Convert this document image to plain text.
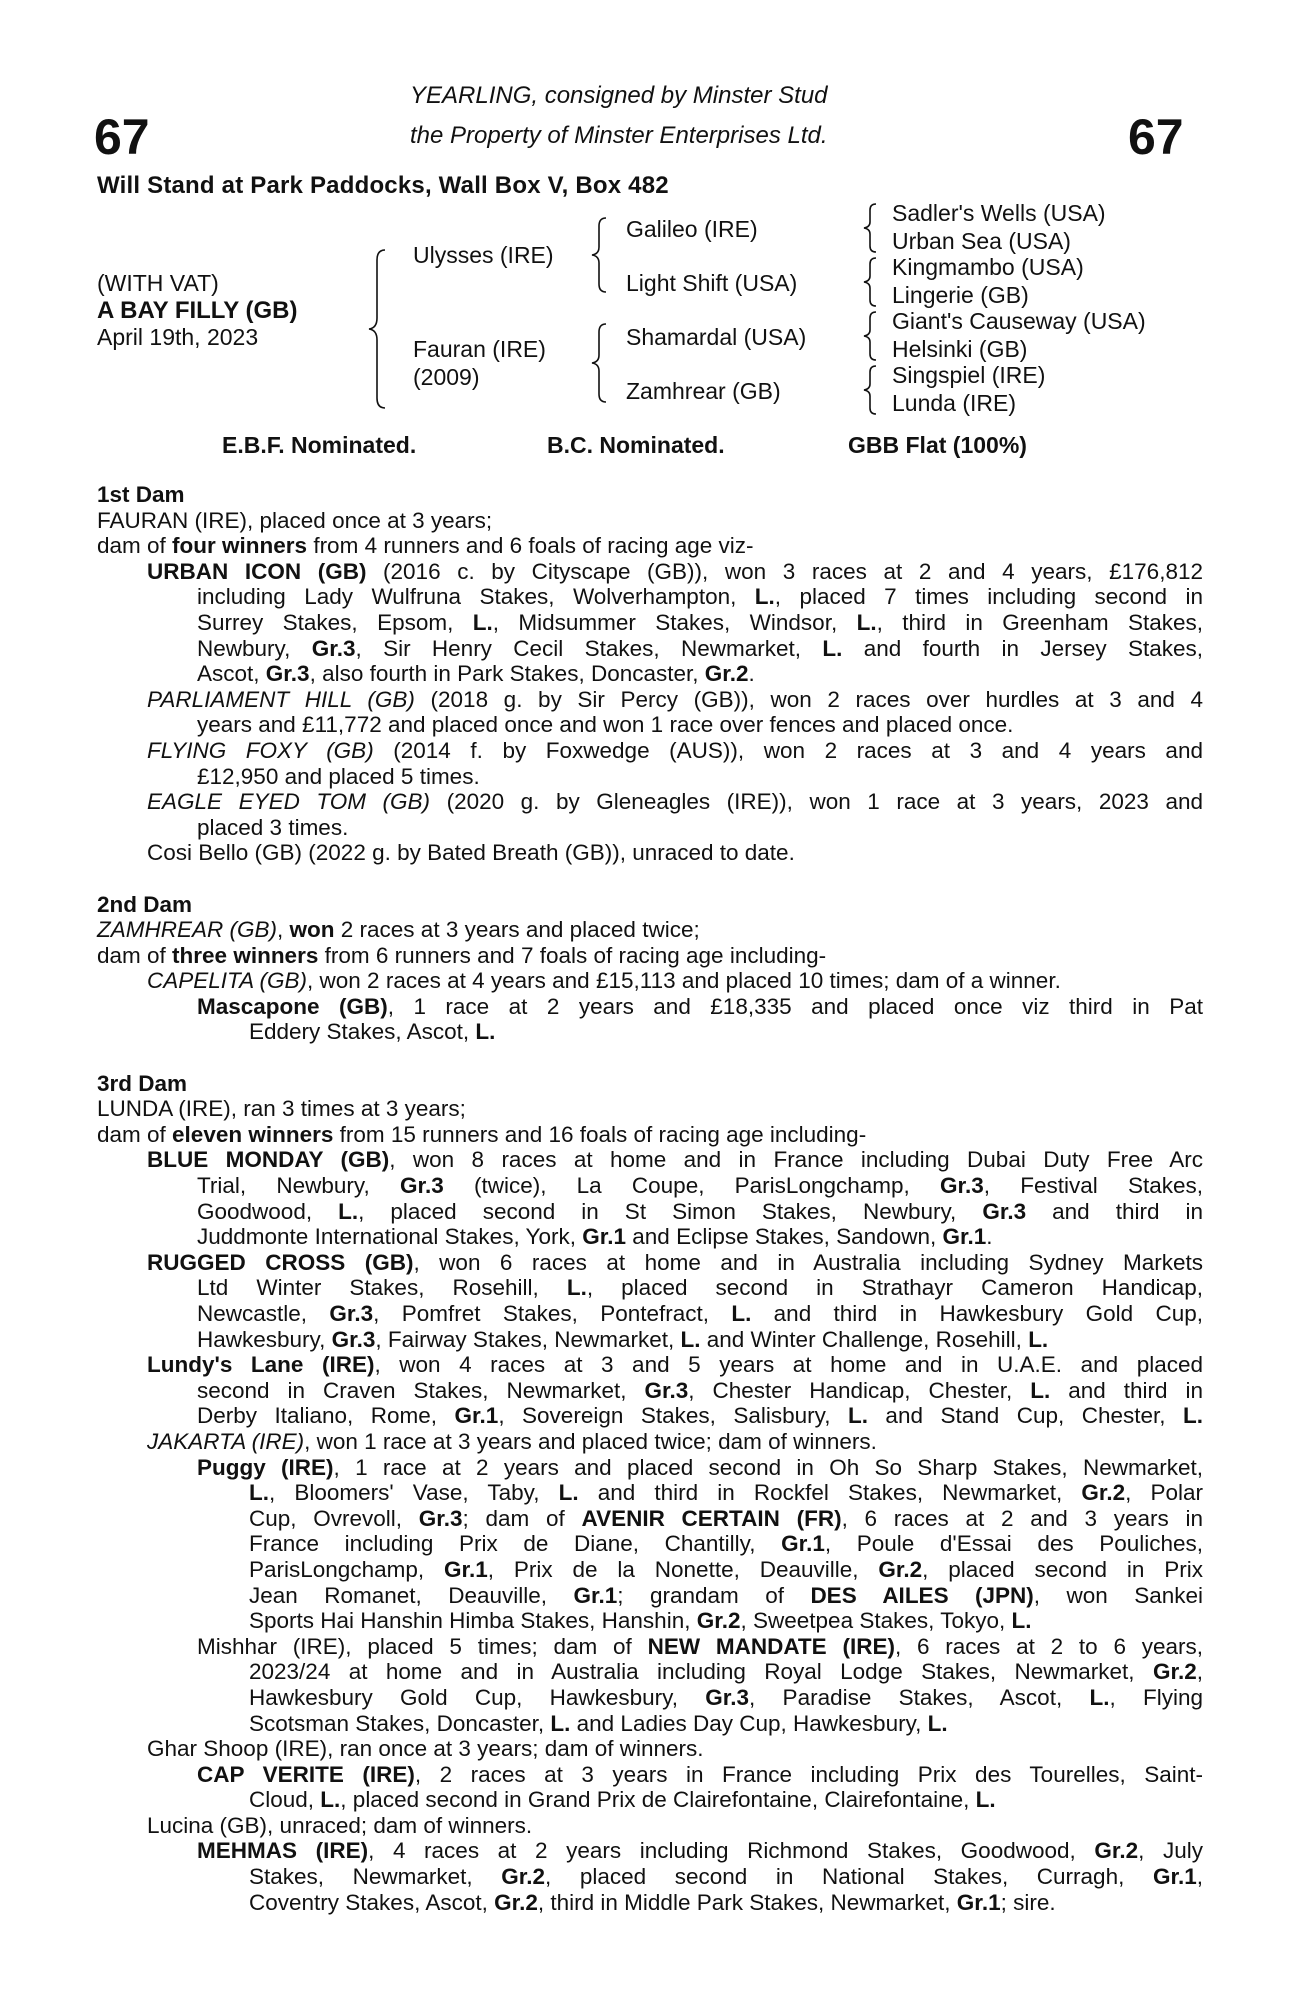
67	67
YEARLING, consigned by Minster Stud
the Property of Minster Enterprises Ltd.
Will Stand at Park Paddocks, Wall Box V, Box 482
(WITH VAT)
A BAY FILLY (GB)
April 19th, 2023
Ulysses (IRE)
Fauran (IRE)
(2009)
Galileo (IRE)
Light Shift (USA)
Shamardal (USA)
Zamhrear (GB)
Sadler's Wells (USA)
Urban Sea (USA)
Kingmambo (USA)
Lingerie (GB)
Giant's Causeway (USA)
Helsinki (GB)
Singspiel (IRE)
Lunda (IRE)
E.B.F. Nominated.	B.C. Nominated.	GBB Flat (100%)
1st Dam
FAURAN (IRE), placed once at 3 years;
dam of four winners from 4 runners and 6 foals of racing age viz-
URBAN ICON (GB) (2016 c. by Cityscape (GB)), won 3 races at 2 and 4 years, £176,812
including Lady Wulfruna Stakes, Wolverhampton, L., placed 7 times including second in
Surrey Stakes, Epsom, L., Midsummer Stakes, Windsor, L., third in Greenham Stakes,
Newbury, Gr.3, Sir Henry Cecil Stakes, Newmarket, L. and fourth in Jersey Stakes,
Ascot, Gr.3, also fourth in Park Stakes, Doncaster, Gr.2.
PARLIAMENT HILL (GB) (2018 g. by Sir Percy (GB)), won 2 races over hurdles at 3 and 4
years and £11,772 and placed once and won 1 race over fences and placed once.
FLYING FOXY (GB) (2014 f. by Foxwedge (AUS)), won 2 races at 3 and 4 years and
£12,950 and placed 5 times.
EAGLE EYED TOM (GB) (2020 g. by Gleneagles (IRE)), won 1 race at 3 years, 2023 and
placed 3 times.
Cosi Bello (GB) (2022 g. by Bated Breath (GB)), unraced to date.
2nd Dam
ZAMHREAR (GB), won 2 races at 3 years and placed twice;
dam of three winners from 6 runners and 7 foals of racing age including-
CAPELITA (GB), won 2 races at 4 years and £15,113 and placed 10 times; dam of a winner.
Mascapone (GB), 1 race at 2 years and £18,335 and placed once viz third in Pat
Eddery Stakes, Ascot, L.
3rd Dam
LUNDA (IRE), ran 3 times at 3 years;
dam of eleven winners from 15 runners and 16 foals of racing age including-
BLUE MONDAY (GB), won 8 races at home and in France including Dubai Duty Free Arc
Trial, Newbury, Gr.3 (twice), La Coupe, ParisLongchamp, Gr.3, Festival Stakes,
Goodwood, L., placed second in St Simon Stakes, Newbury, Gr.3 and third in
Juddmonte International Stakes, York, Gr.1 and Eclipse Stakes, Sandown, Gr.1.
RUGGED CROSS (GB), won 6 races at home and in Australia including Sydney Markets
Ltd Winter Stakes, Rosehill, L., placed second in Strathayr Cameron Handicap,
Newcastle, Gr.3, Pomfret Stakes, Pontefract, L. and third in Hawkesbury Gold Cup,
Hawkesbury, Gr.3, Fairway Stakes, Newmarket, L. and Winter Challenge, Rosehill, L.
Lundy's Lane (IRE), won 4 races at 3 and 5 years at home and in U.A.E. and placed
second in Craven Stakes, Newmarket, Gr.3, Chester Handicap, Chester, L. and third in
Derby Italiano, Rome, Gr.1, Sovereign Stakes, Salisbury, L. and Stand Cup, Chester, L.
JAKARTA (IRE), won 1 race at 3 years and placed twice; dam of winners.
Puggy (IRE), 1 race at 2 years and placed second in Oh So Sharp Stakes, Newmarket,
L., Bloomers' Vase, Taby, L. and third in Rockfel Stakes, Newmarket, Gr.2, Polar
Cup, Ovrevoll, Gr.3; dam of AVENIR CERTAIN (FR), 6 races at 2 and 3 years in
France including Prix de Diane, Chantilly, Gr.1, Poule d'Essai des Pouliches,
ParisLongchamp, Gr.1, Prix de la Nonette, Deauville, Gr.2, placed second in Prix
Jean Romanet, Deauville, Gr.1; grandam of DES AILES (JPN), won Sankei
Sports Hai Hanshin Himba Stakes, Hanshin, Gr.2, Sweetpea Stakes, Tokyo, L.
Mishhar (IRE), placed 5 times; dam of NEW MANDATE (IRE), 6 races at 2 to 6 years,
2023/24 at home and in Australia including Royal Lodge Stakes, Newmarket, Gr.2,
Hawkesbury Gold Cup, Hawkesbury, Gr.3, Paradise Stakes, Ascot, L., Flying
Scotsman Stakes, Doncaster, L. and Ladies Day Cup, Hawkesbury, L.
Ghar Shoop (IRE), ran once at 3 years; dam of winners.
CAP VERITE (IRE), 2 races at 3 years in France including Prix des Tourelles, Saint-
Cloud, L., placed second in Grand Prix de Clairefontaine, Clairefontaine, L.
Lucina (GB), unraced; dam of winners.
MEHMAS (IRE), 4 races at 2 years including Richmond Stakes, Goodwood, Gr.2, July
Stakes, Newmarket, Gr.2, placed second in National Stakes, Curragh, Gr.1,
Coventry Stakes, Ascot, Gr.2, third in Middle Park Stakes, Newmarket, Gr.1; sire.
